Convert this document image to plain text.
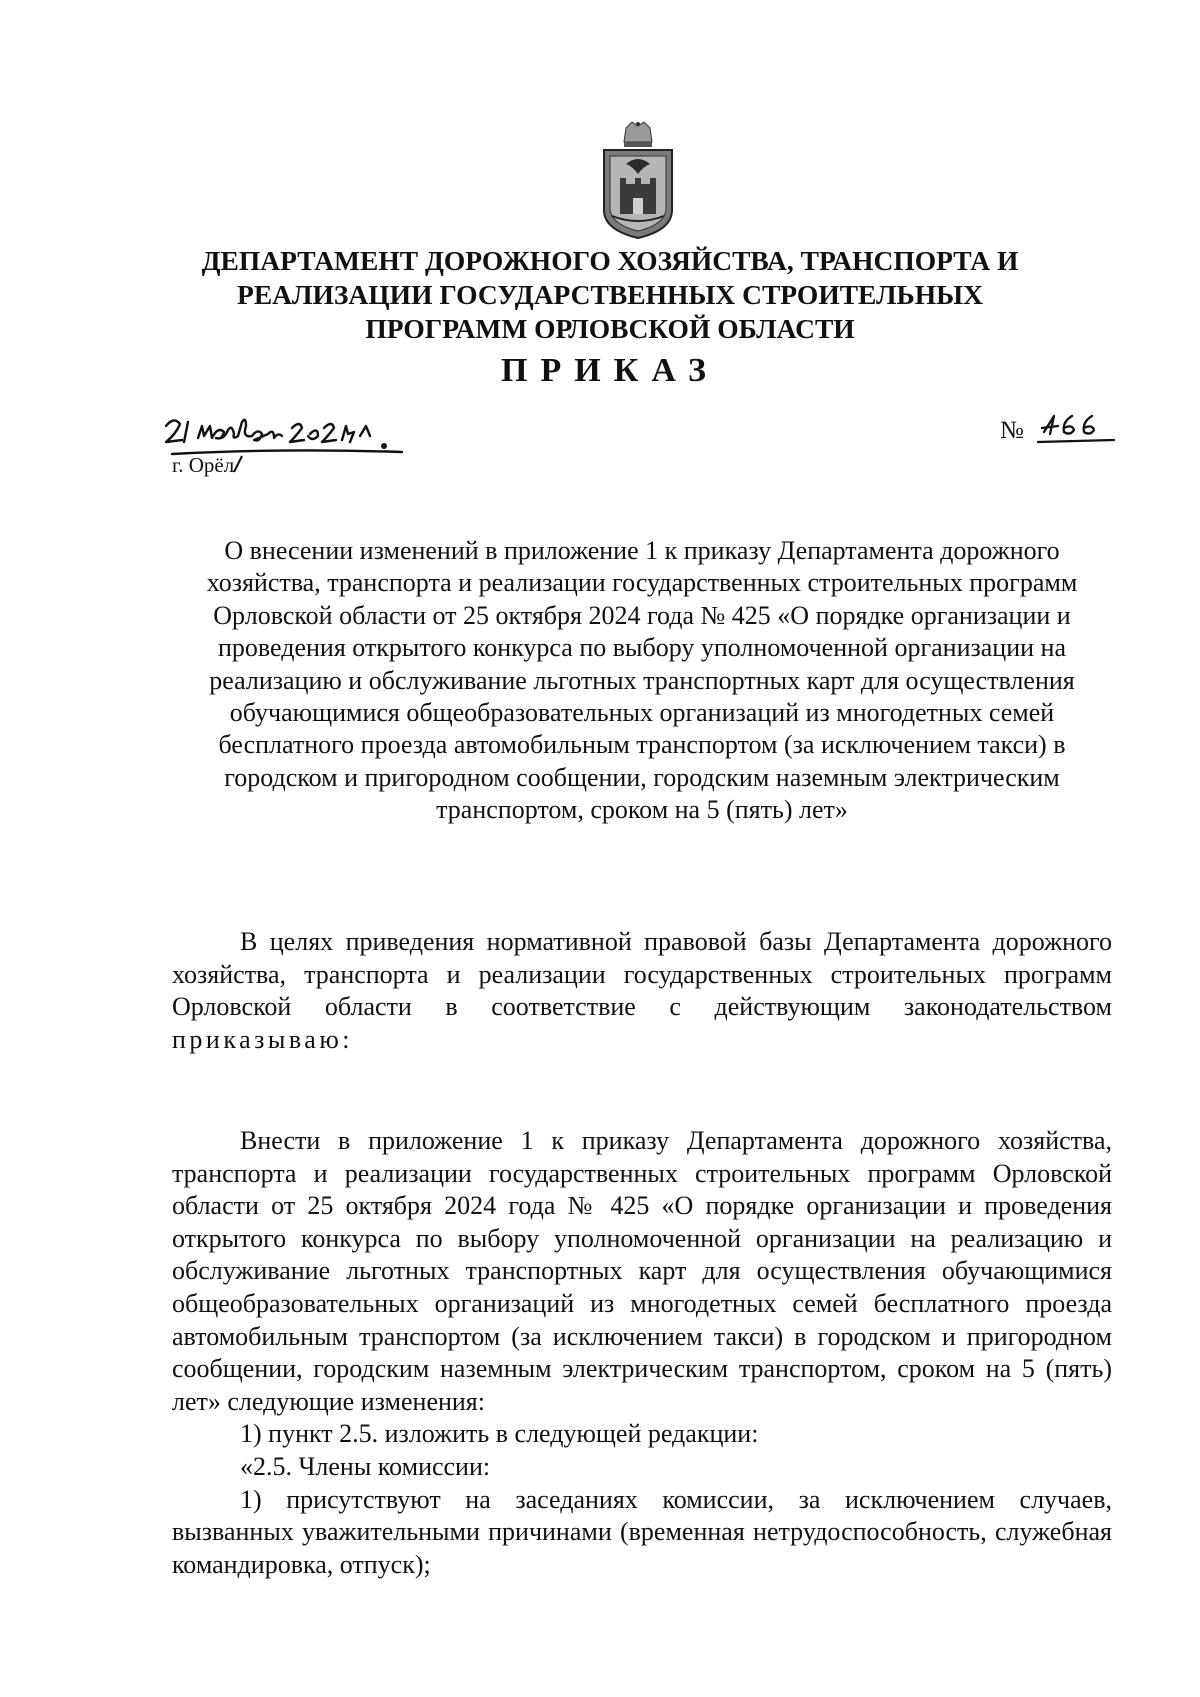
ДЕПАРТАМЕНТ ДОРОЖНОГО ХОЗЯЙСТВА, ТРАНСПОРТА И
РЕАЛИЗАЦИИ ГОСУДАРСТВЕННЫХ СТРОИТЕЛЬНЫХ
ПРОГРАММ ОРЛОВСКОЙ ОБЛАСТИ
ПРИКАЗ
г. Орёл
№
О внесении изменений в приложение 1 к приказу Департамента дорожного хозяйства, транспорта и реализации государственных строительных программ Орловской области от 25 октября 2024 года № 425 «О порядке организации и проведения открытого конкурса по выбору уполномоченной организации на реализацию и обслуживание льготных транспортных карт для осуществления обучающимися общеобразовательных организаций из многодетных семей бесплатного проезда автомобильным транспортом (за исключением такси) в городском и пригородном сообщении, городским наземным электрическим транспортом, сроком на 5 (пять) лет»

В целях приведения нормативной правовой базы Департамента дорожного хозяйства, транспорта и реализации государственных строительных программ Орловской области в соответствие с действующим законодательством приказываю:

Внести в приложение 1 к приказу Департамента дорожного хозяйства, транспорта и реализации государственных строительных программ Орловской области от 25 октября 2024 года № 425 «О порядке организации и проведения открытого конкурса по выбору уполномоченной организации на реализацию и обслуживание льготных транспортных карт для осуществления обучающимися общеобразовательных организаций из многодетных семей бесплатного проезда автомобильным транспортом (за исключением такси) в городском и пригородном сообщении, городским наземным электрическим транспортом, сроком на 5 (пять) лет» следующие изменения:

1) пункт 2.5. изложить в следующей редакции:

«2.5. Члены комиссии:

1) присутствуют на заседаниях комиссии, за исключением случаев, вызванных уважительными причинами (временная нетрудоспособность, служебная командировка, отпуск);
